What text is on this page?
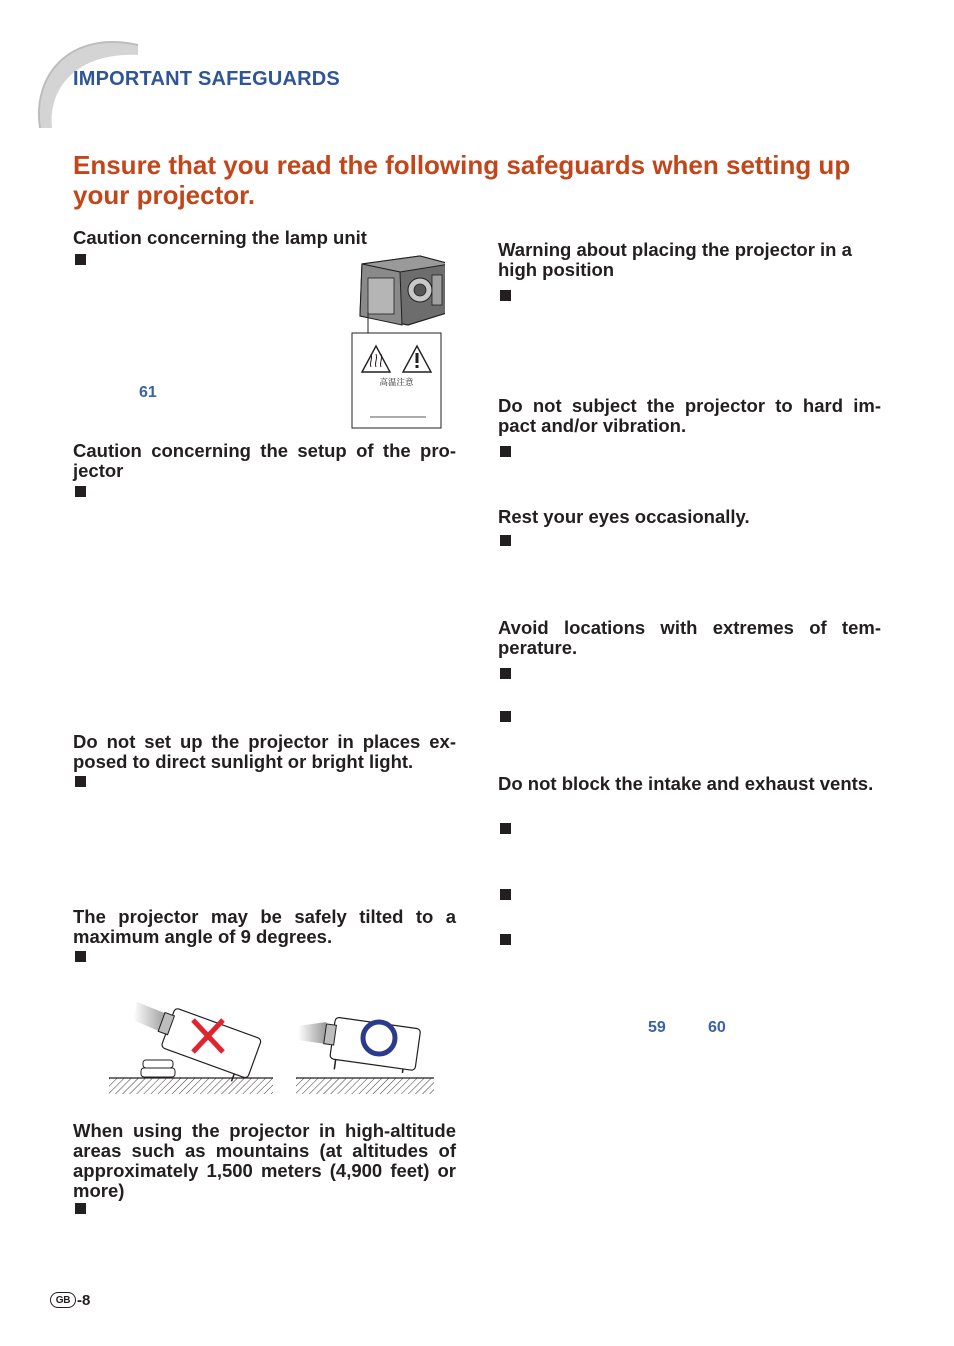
IMPORTANT SAFEGUARDS
Ensure that you read the following safeguards when setting up your projector.
Caution concerning the lamp unit
高温注意
61
Caution concerning the setup of the pro-jector
Do not set up the projector in places ex-posed to direct sunlight or bright light.
The projector may be safely tilted to a maximum angle of 9 degrees.
When using the projector in high-altitude areas such as mountains (at altitudes of approximately 1,500 meters (4,900 feet) or more)
Warning about placing the projector in a high position
Do not subject the projector to hard im-pact and/or vibration.
Rest your eyes occasionally.
Avoid locations with extremes of tem-perature.
Do not block the intake and exhaust vents.
59	60
GB -8
